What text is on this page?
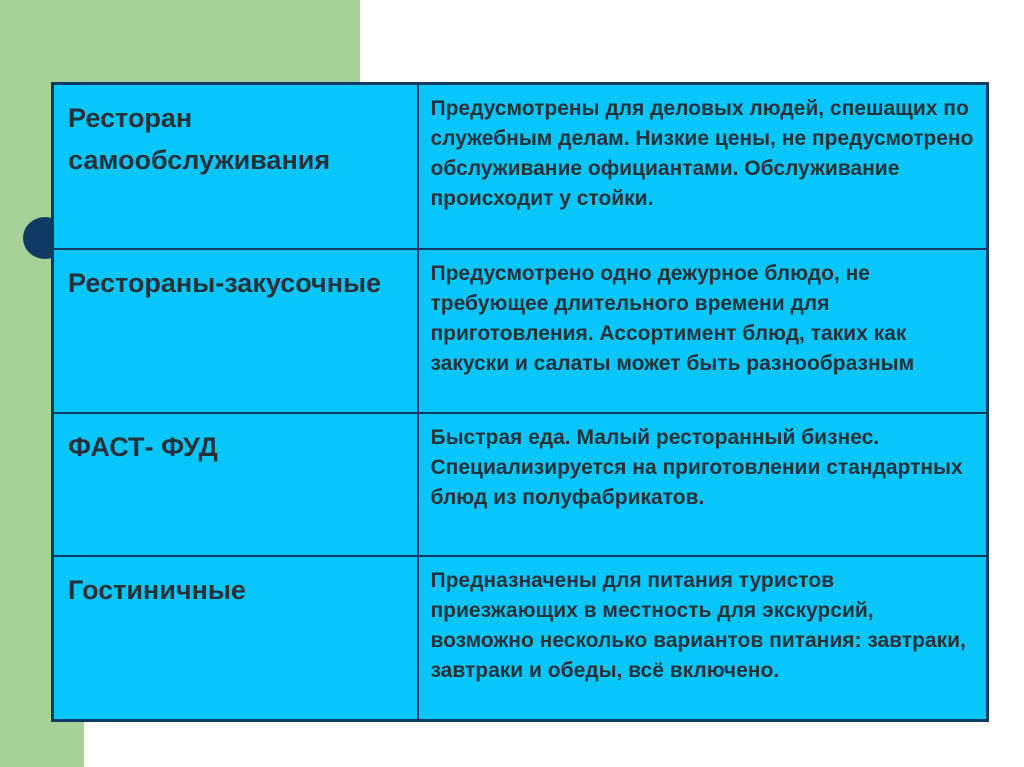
Ресторан самообслуживания	Предусмотрены для деловых людей, спешащих по служебным делам. Низкие цены, не предусмотрено обслуживание официантами. Обслуживание происходит у стойки.
Рестораны-закусочные	Предусмотрено одно дежурное блюдо, не требующее длительного времени для приготовления. Ассортимент блюд, таких как закуски и салаты может быть разнообразным
ФАСТ- ФУД	Быстрая еда. Малый ресторанный бизнес. Специализируется на приготовлении стандартных блюд из полуфабрикатов.
Гостиничные	Предназначены для питания туристов приезжающих в местность для экскурсий, возможно несколько вариантов питания: завтраки, завтраки и обеды, всё включено.
